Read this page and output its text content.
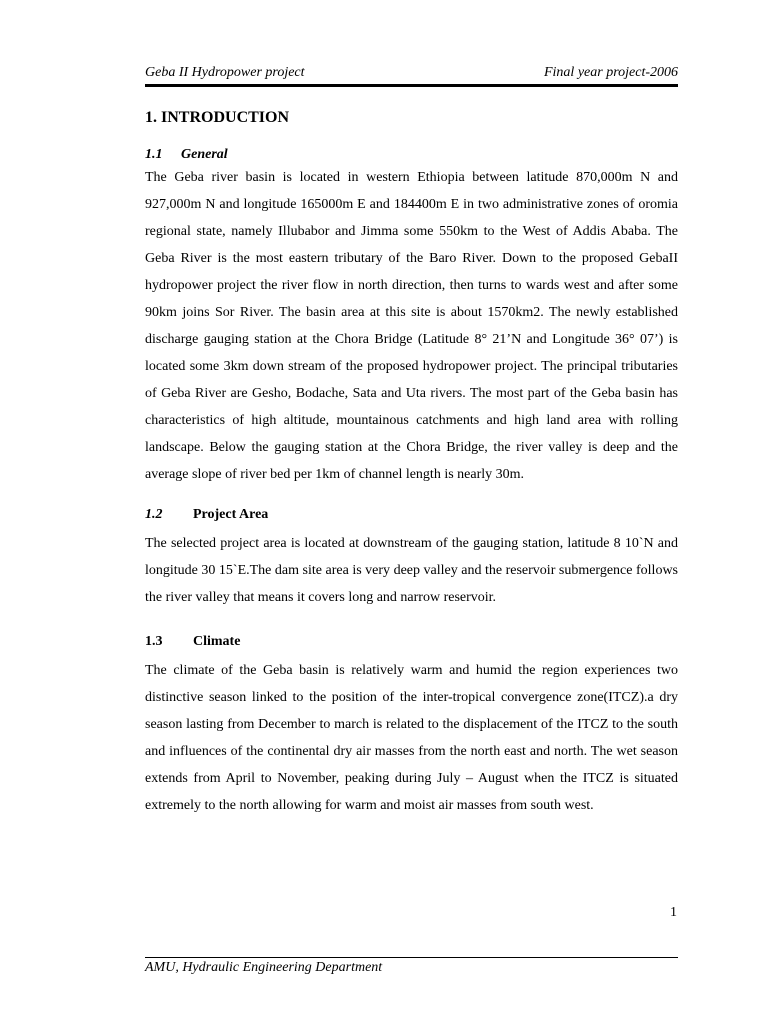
Geba II Hydropower project	Final year project-2006
1. INTRODUCTION
1.1 General

The Geba river basin is located in western Ethiopia between latitude 870,000m N and 927,000m N and longitude 165000m E and 184400m E in two administrative zones of oromia regional state, namely Illubabor and Jimma some 550km to the West of Addis Ababa. The Geba River is the most eastern tributary of the Baro River. Down to the proposed GebaII hydropower project the river flow in north direction, then turns to wards west and after some 90km joins Sor River. The basin area at this site is about 1570km2. The newly established discharge gauging station at the Chora Bridge (Latitude 8° 21’N and Longitude 36° 07’) is located some 3km down stream of the proposed hydropower project. The principal tributaries of Geba River are Gesho, Bodache, Sata and Uta rivers. The most part of the Geba basin has characteristics of high altitude, mountainous catchments and high land area with rolling landscape. Below the gauging station at the Chora Bridge, the river valley is deep and the average slope of river bed per 1km of channel length is nearly 30m.

1.2 Project Area

The selected project area is located at downstream of the gauging station, latitude 8 10`N and longitude 30 15`E.The dam site area is very deep valley and the reservoir submergence follows the river valley that means it covers long and narrow reservoir.

1.3 Climate

The climate of the Geba basin is relatively warm and humid the region experiences two distinctive season linked to the position of the inter-tropical convergence zone(ITCZ).a dry season lasting from December to march is related to the displacement of the ITCZ to the south and influences of the continental dry air masses from the north east and north. The wet season extends from April to November, peaking during July – August when the ITCZ is situated extremely to the north allowing for warm and moist air masses from south west.

1
AMU, Hydraulic Engineering Department
